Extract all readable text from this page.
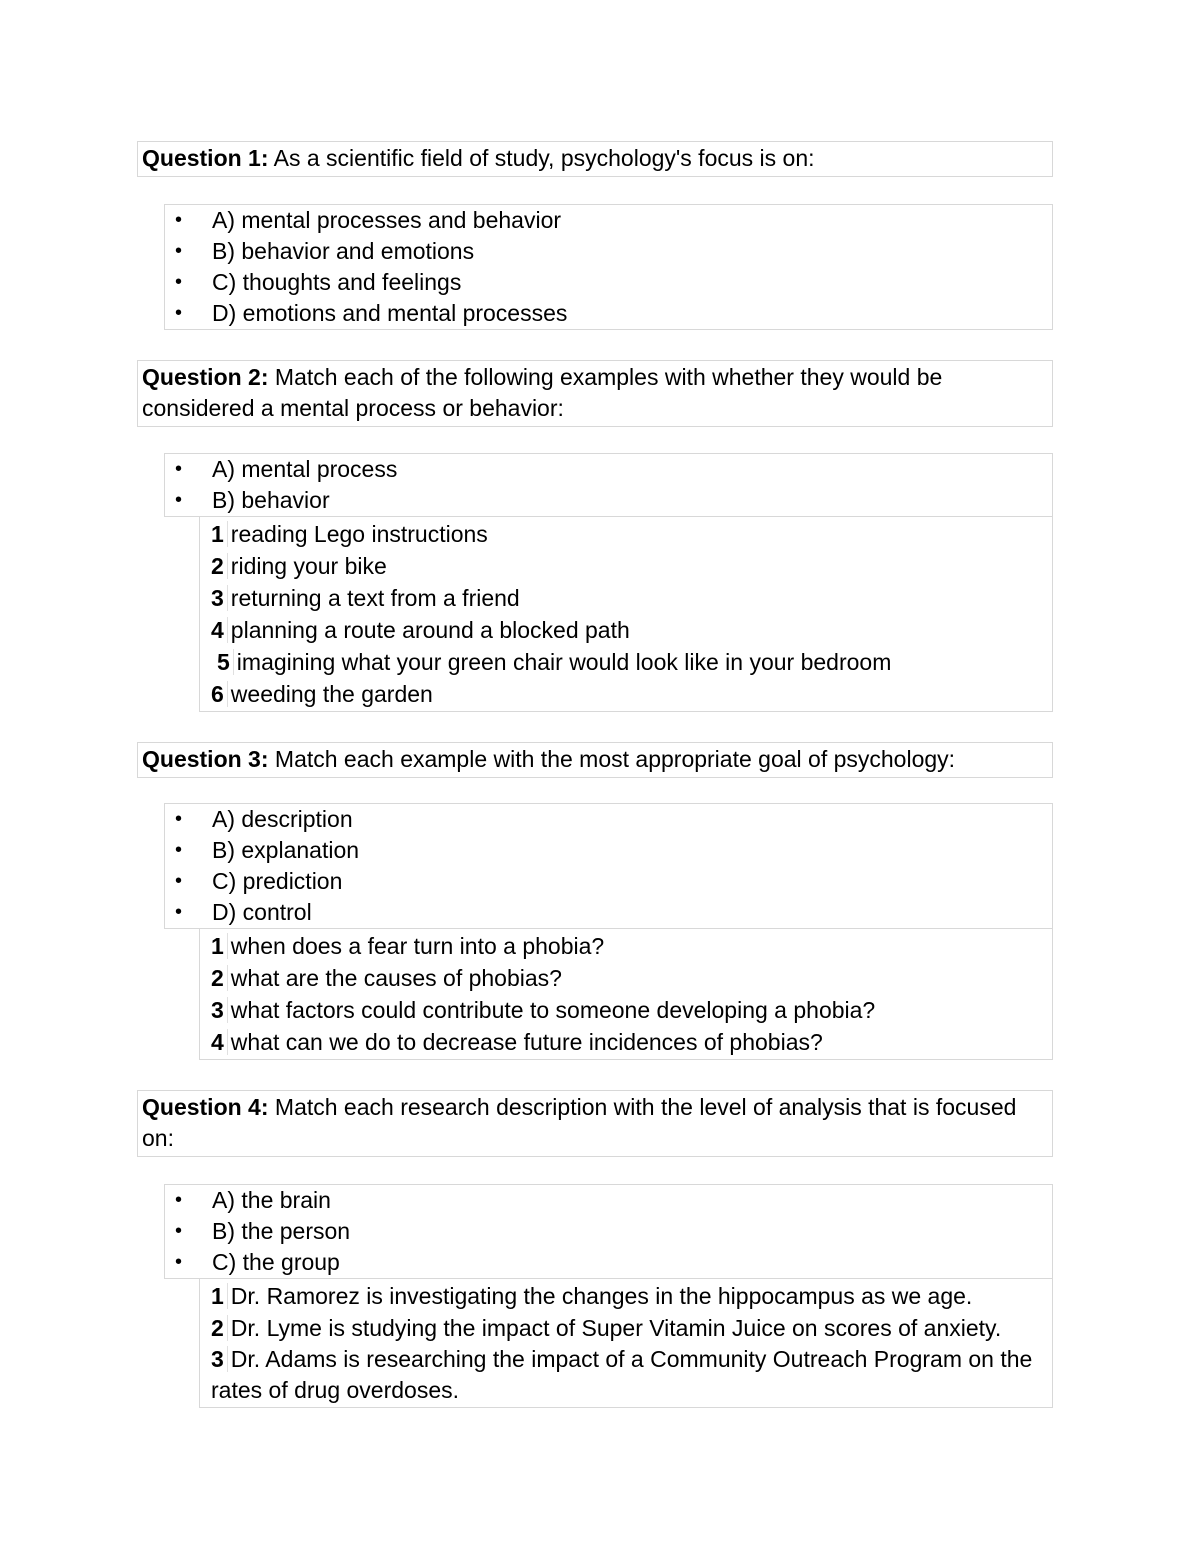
Question 1: As a scientific field of study, psychology's focus is on:
• A) mental processes and behavior
• B) behavior and emotions
• C) thoughts and feelings
• D) emotions and mental processes
Question 2: Match each of the following examples with whether they would be considered a mental process or behavior:
• A) mental process
• B) behavior
1 reading Lego instructions
2 riding your bike
3 returning a text from a friend
4 planning a route around a blocked path
5 imagining what your green chair would look like in your bedroom
6 weeding the garden
Question 3: Match each example with the most appropriate goal of psychology:
• A) description
• B) explanation
• C) prediction
• D) control
1 when does a fear turn into a phobia?
2 what are the causes of phobias?
3 what factors could contribute to someone developing a phobia?
4 what can we do to decrease future incidences of phobias?
Question 4: Match each research description with the level of analysis that is focused on:
• A) the brain
• B) the person
• C) the group
1 Dr. Ramorez is investigating the changes in the hippocampus as we age.
2 Dr. Lyme is studying the impact of Super Vitamin Juice on scores of anxiety.
3 Dr. Adams is researching the impact of a Community Outreach Program on the rates of drug overdoses.
